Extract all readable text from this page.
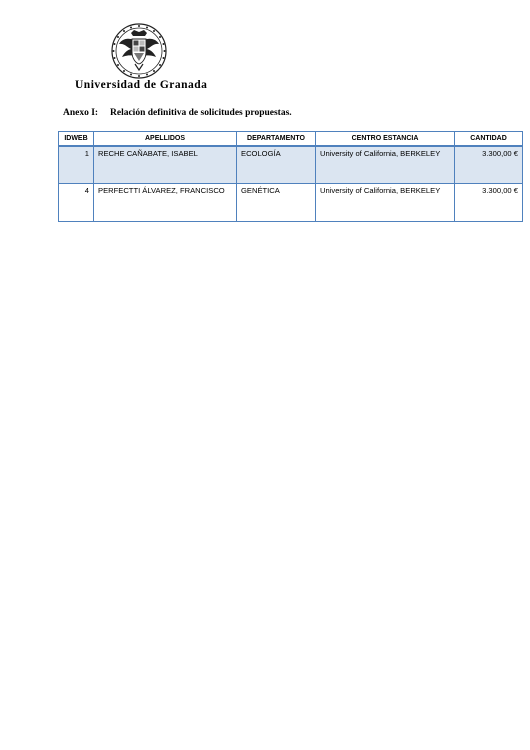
Universidad de Granada
Anexo I: Relación definitiva de solicitudes propuestas.
IDWEB	APELLIDOS	DEPARTAMENTO	CENTRO ESTANCIA	CANTIDAD
1	RECHE CAÑABATE, ISABEL	ECOLOGÍA	University of California, BERKELEY	3.300,00 €
4	PERFECTTI ÁLVAREZ, FRANCISCO	GENÉTICA	University of California, BERKELEY	3.300,00 €
